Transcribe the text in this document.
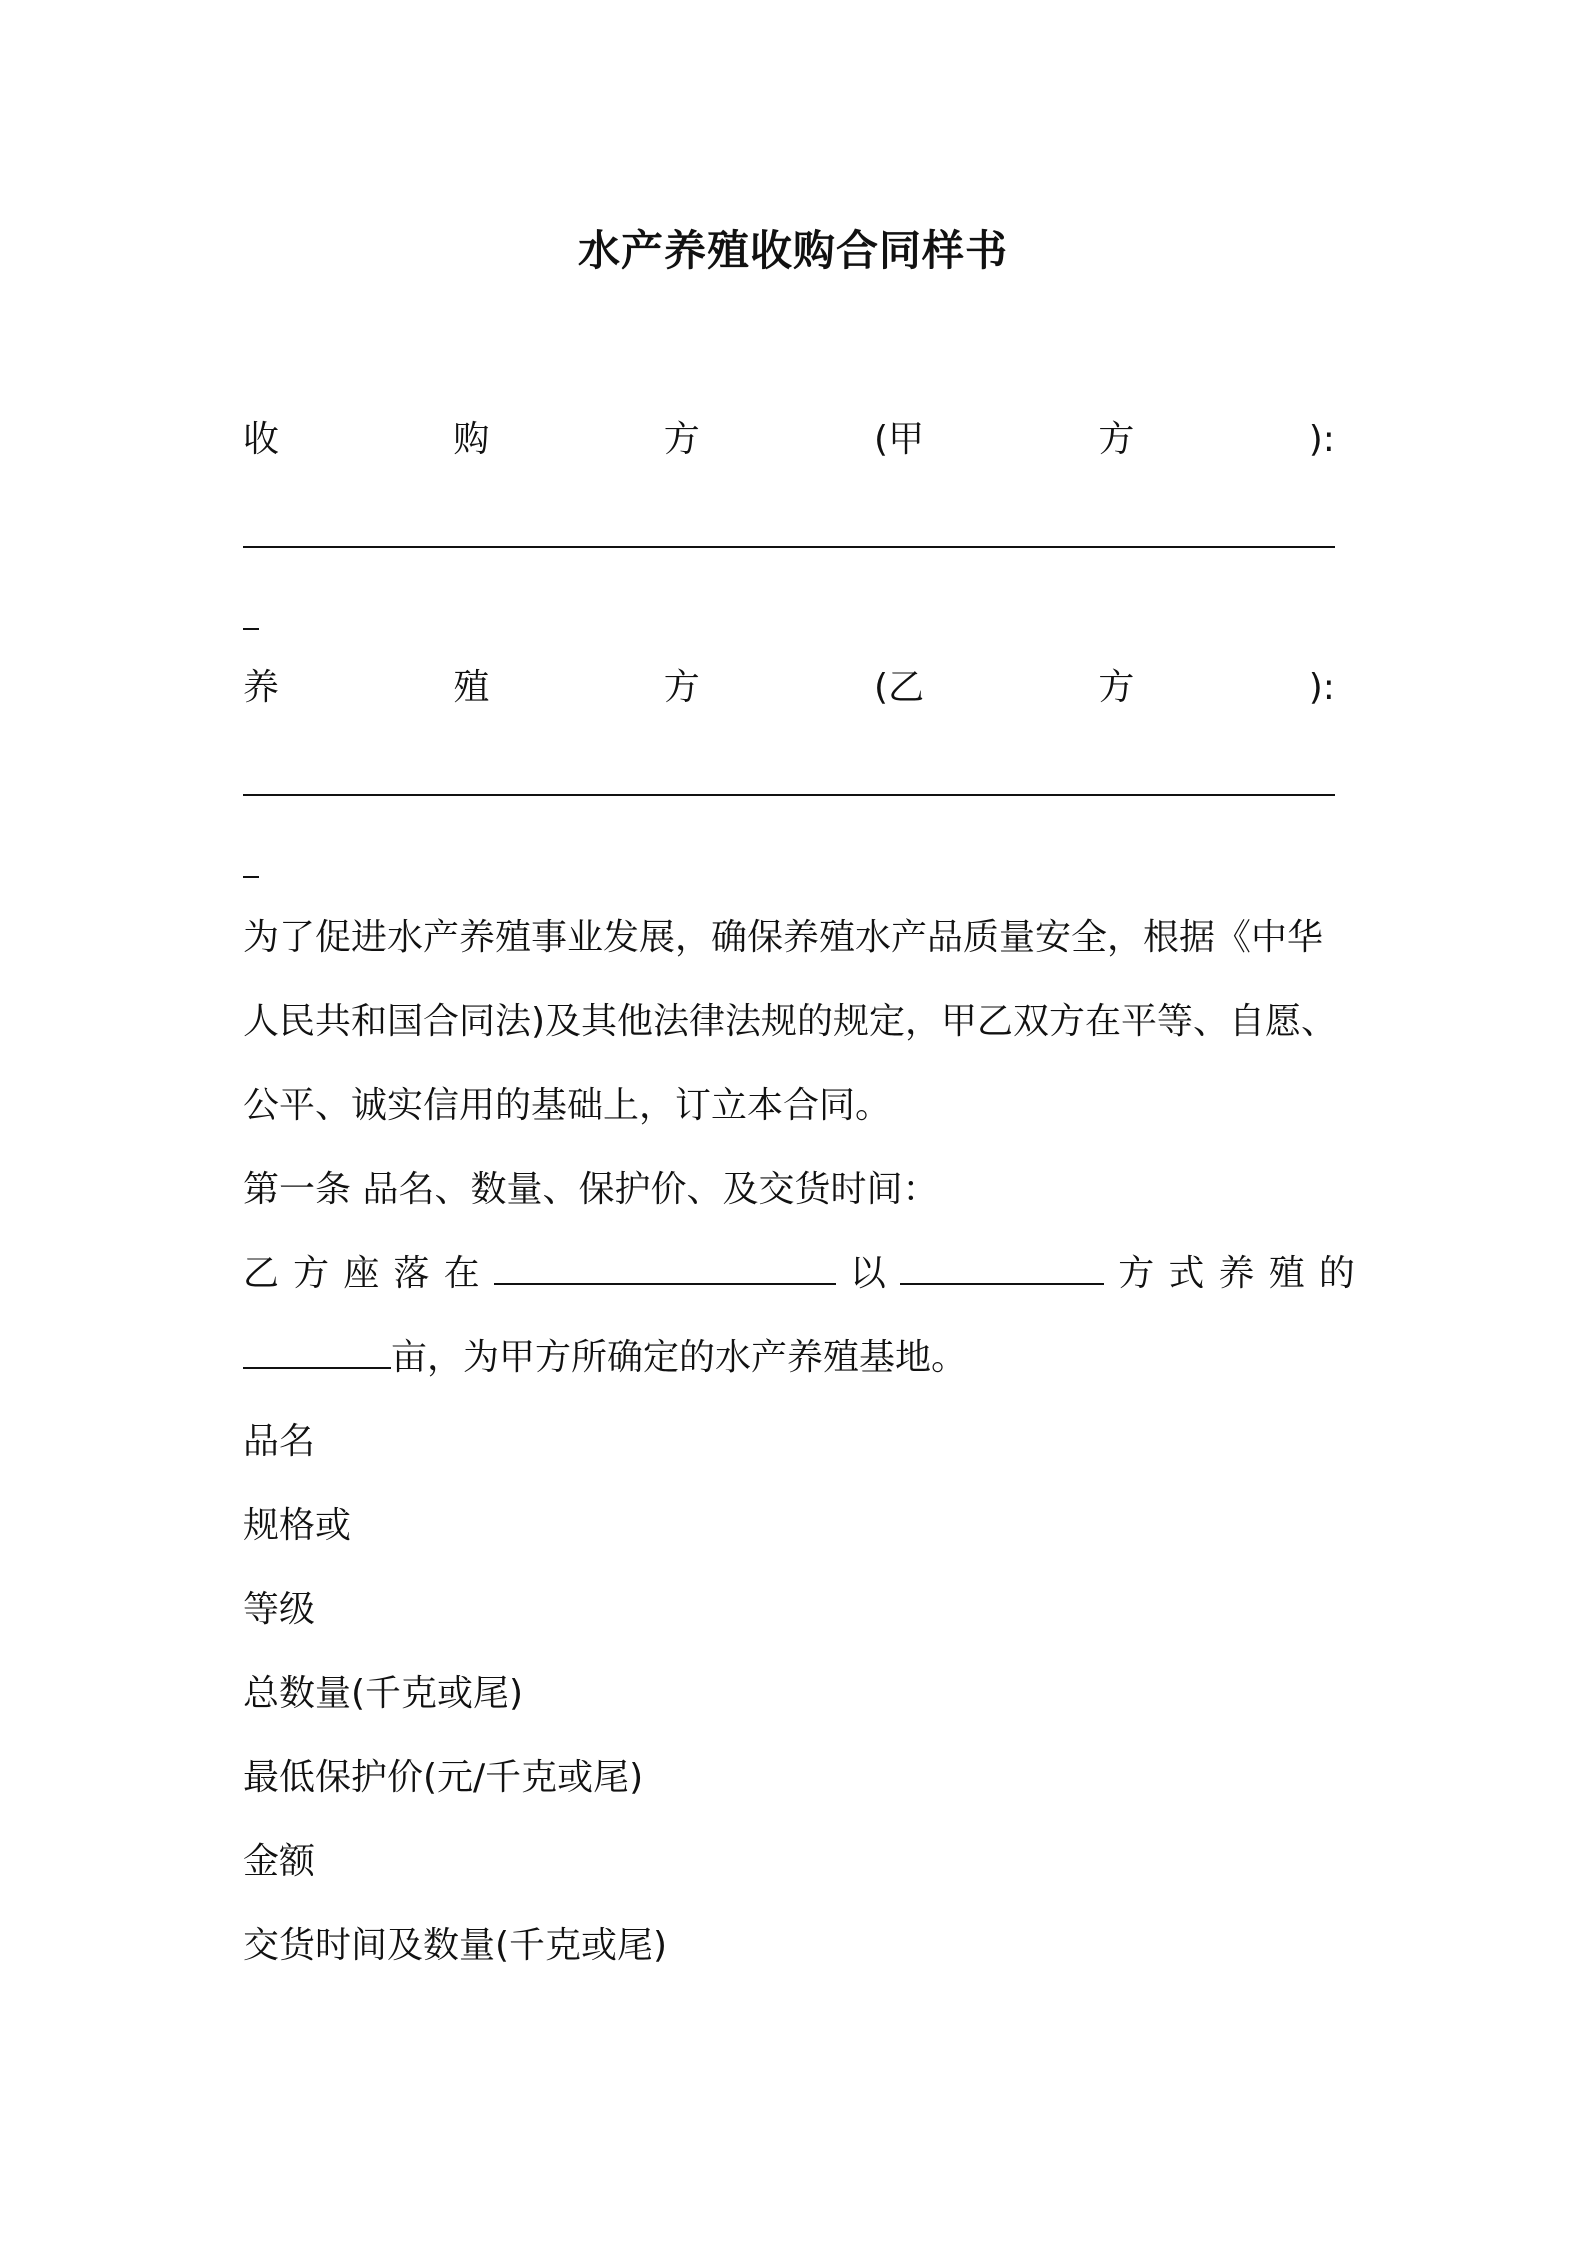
水产养殖收购合同样书
收	购	方	(甲	方	):
养	殖	方	(乙	方	):
为了促进水产养殖事业发展，确保养殖水产品质量安全，根据《中华
人民共和国合同法)及其他法律法规的规定，甲乙双方在平等、自愿、
公平、诚实信用的基础上，订立本合同。
第一条 品名、数量、保护价、及交货时间：
乙 方 座 落 在	以	方 式 养 殖 的
亩，为甲方所确定的水产养殖基地。
品名
规格或
等级
总数量(千克或尾)
最低保护价(元/千克或尾)
金额
交货时间及数量(千克或尾)
